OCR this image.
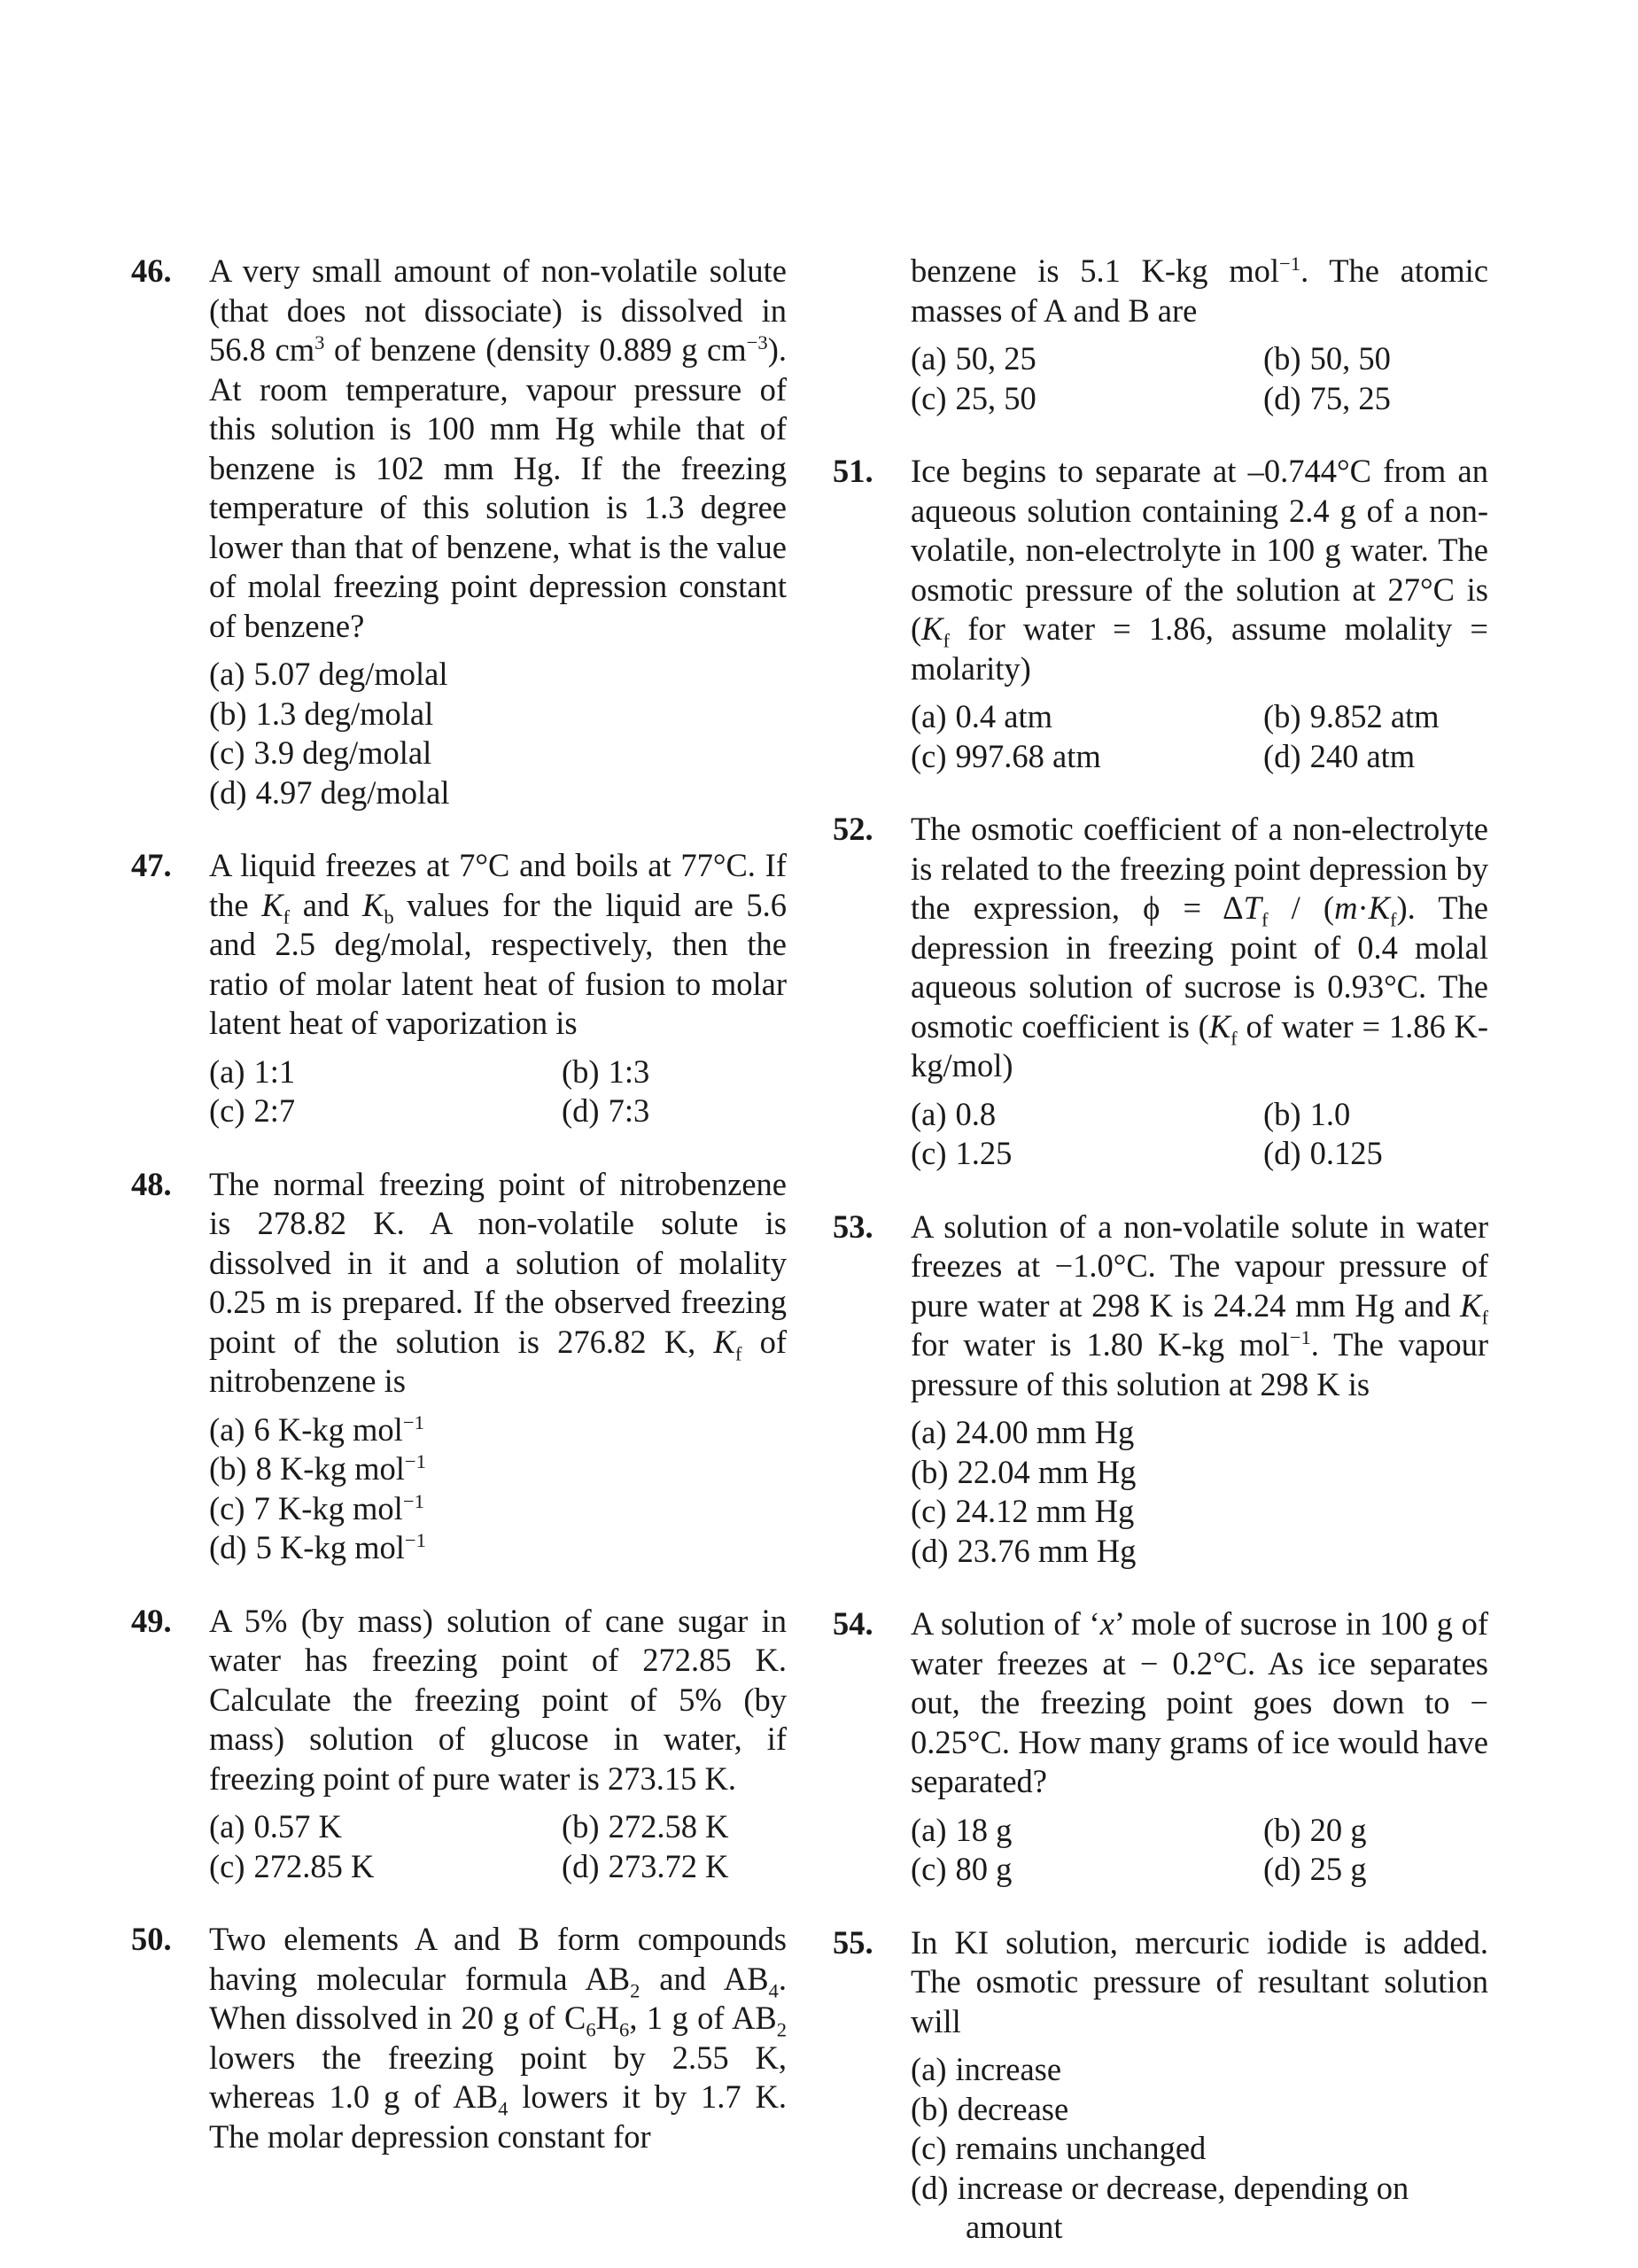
46. A very small amount of non-volatile solute (that does not dissociate) is dissolved in 56.8 $cm^3$ of benzene (density 0.889 g $cm^{-3}$). At room temperature, vapour pressure of this solution is 100 mm Hg while that of benzene is 102 mm Hg. If the freezing temperature of this solution is 1.3 degree lower than that of benzene, what is the value of molal freezing point depression constant of benzene?
(a) 5.07 deg/molal
(b) 1.3 deg/molal
(c) 3.9 deg/molal
(d) 4.97 deg/molal
47. A liquid freezes at 7°C and boils at 77°C. If the $K_f$ and $K_b$ values for the liquid are 5.6 and 2.5 deg/molal, respectively, then the ratio of molar latent heat of fusion to molar latent heat of vaporization is
(a) 1:1	(b) 1:3
(c) 2:7	(d) 7:3
48. The normal freezing point of nitrobenzene is 278.82 K. A non-volatile solute is dissolved in it and a solution of molality 0.25 m is prepared. If the observed freezing point of the solution is 276.82 K, $K_f$ of nitrobenzene is
(a) 6 K-kg mol$^{-1}$
(b) 8 K-kg mol$^{-1}$
(c) 7 K-kg mol$^{-1}$
(d) 5 K-kg mol$^{-1}$
49. A 5% (by mass) solution of cane sugar in water has freezing point of 272.85 K. Calculate the freezing point of 5% (by mass) solution of glucose in water, if freezing point of pure water is 273.15 K.
(a) 0.57 K	(b) 272.58 K
(c) 272.85 K	(d) 273.72 K
50. Two elements A and B form compounds having molecular formula $AB_2$ and $AB_4$. When dissolved in 20 g of $C_6H_6$, 1 g of $AB_2$ lowers the freezing point by 2.55 K, whereas 1.0 g of $AB_4$ lowers it by 1.7 K. The molar depression constant for
benzene is 5.1 K-kg mol$^{-1}$. The atomic masses of A and B are
(a) 50, 25	(b) 50, 50
(c) 25, 50	(d) 75, 25
51. Ice begins to separate at –0.744°C from an aqueous solution containing 2.4 g of a non-volatile, non-electrolyte in 100 g water. The osmotic pressure of the solution at 27°C is ($K_f$ for water = 1.86, assume molality = molarity)
(a) 0.4 atm	(b) 9.852 atm
(c) 997.68 atm	(d) 240 atm
52. The osmotic coefficient of a non-electrolyte is related to the freezing point depression by the expression, $\phi = \Delta T_f / (m\cdot K_f)$. The depression in freezing point of 0.4 molal aqueous solution of sucrose is 0.93°C. The osmotic coefficient is ($K_f$ of water = 1.86 K-kg/mol)
(a) 0.8	(b) 1.0
(c) 1.25	(d) 0.125
53. A solution of a non-volatile solute in water freezes at −1.0°C. The vapour pressure of pure water at 298 K is 24.24 mm Hg and $K_f$ for water is 1.80 K-kg mol$^{-1}$. The vapour pressure of this solution at 298 K is
(a) 24.00 mm Hg
(b) 22.04 mm Hg
(c) 24.12 mm Hg
(d) 23.76 mm Hg
54. A solution of ‘x’ mole of sucrose in 100 g of water freezes at − 0.2°C. As ice separates out, the freezing point goes down to − 0.25°C. How many grams of ice would have separated?
(a) 18 g	(b) 20 g
(c) 80 g	(d) 25 g
55. In KI solution, mercuric iodide is added. The osmotic pressure of resultant solution will
(a) increase
(b) decrease
(c) remains unchanged
(d) increase or decrease, depending on amount
